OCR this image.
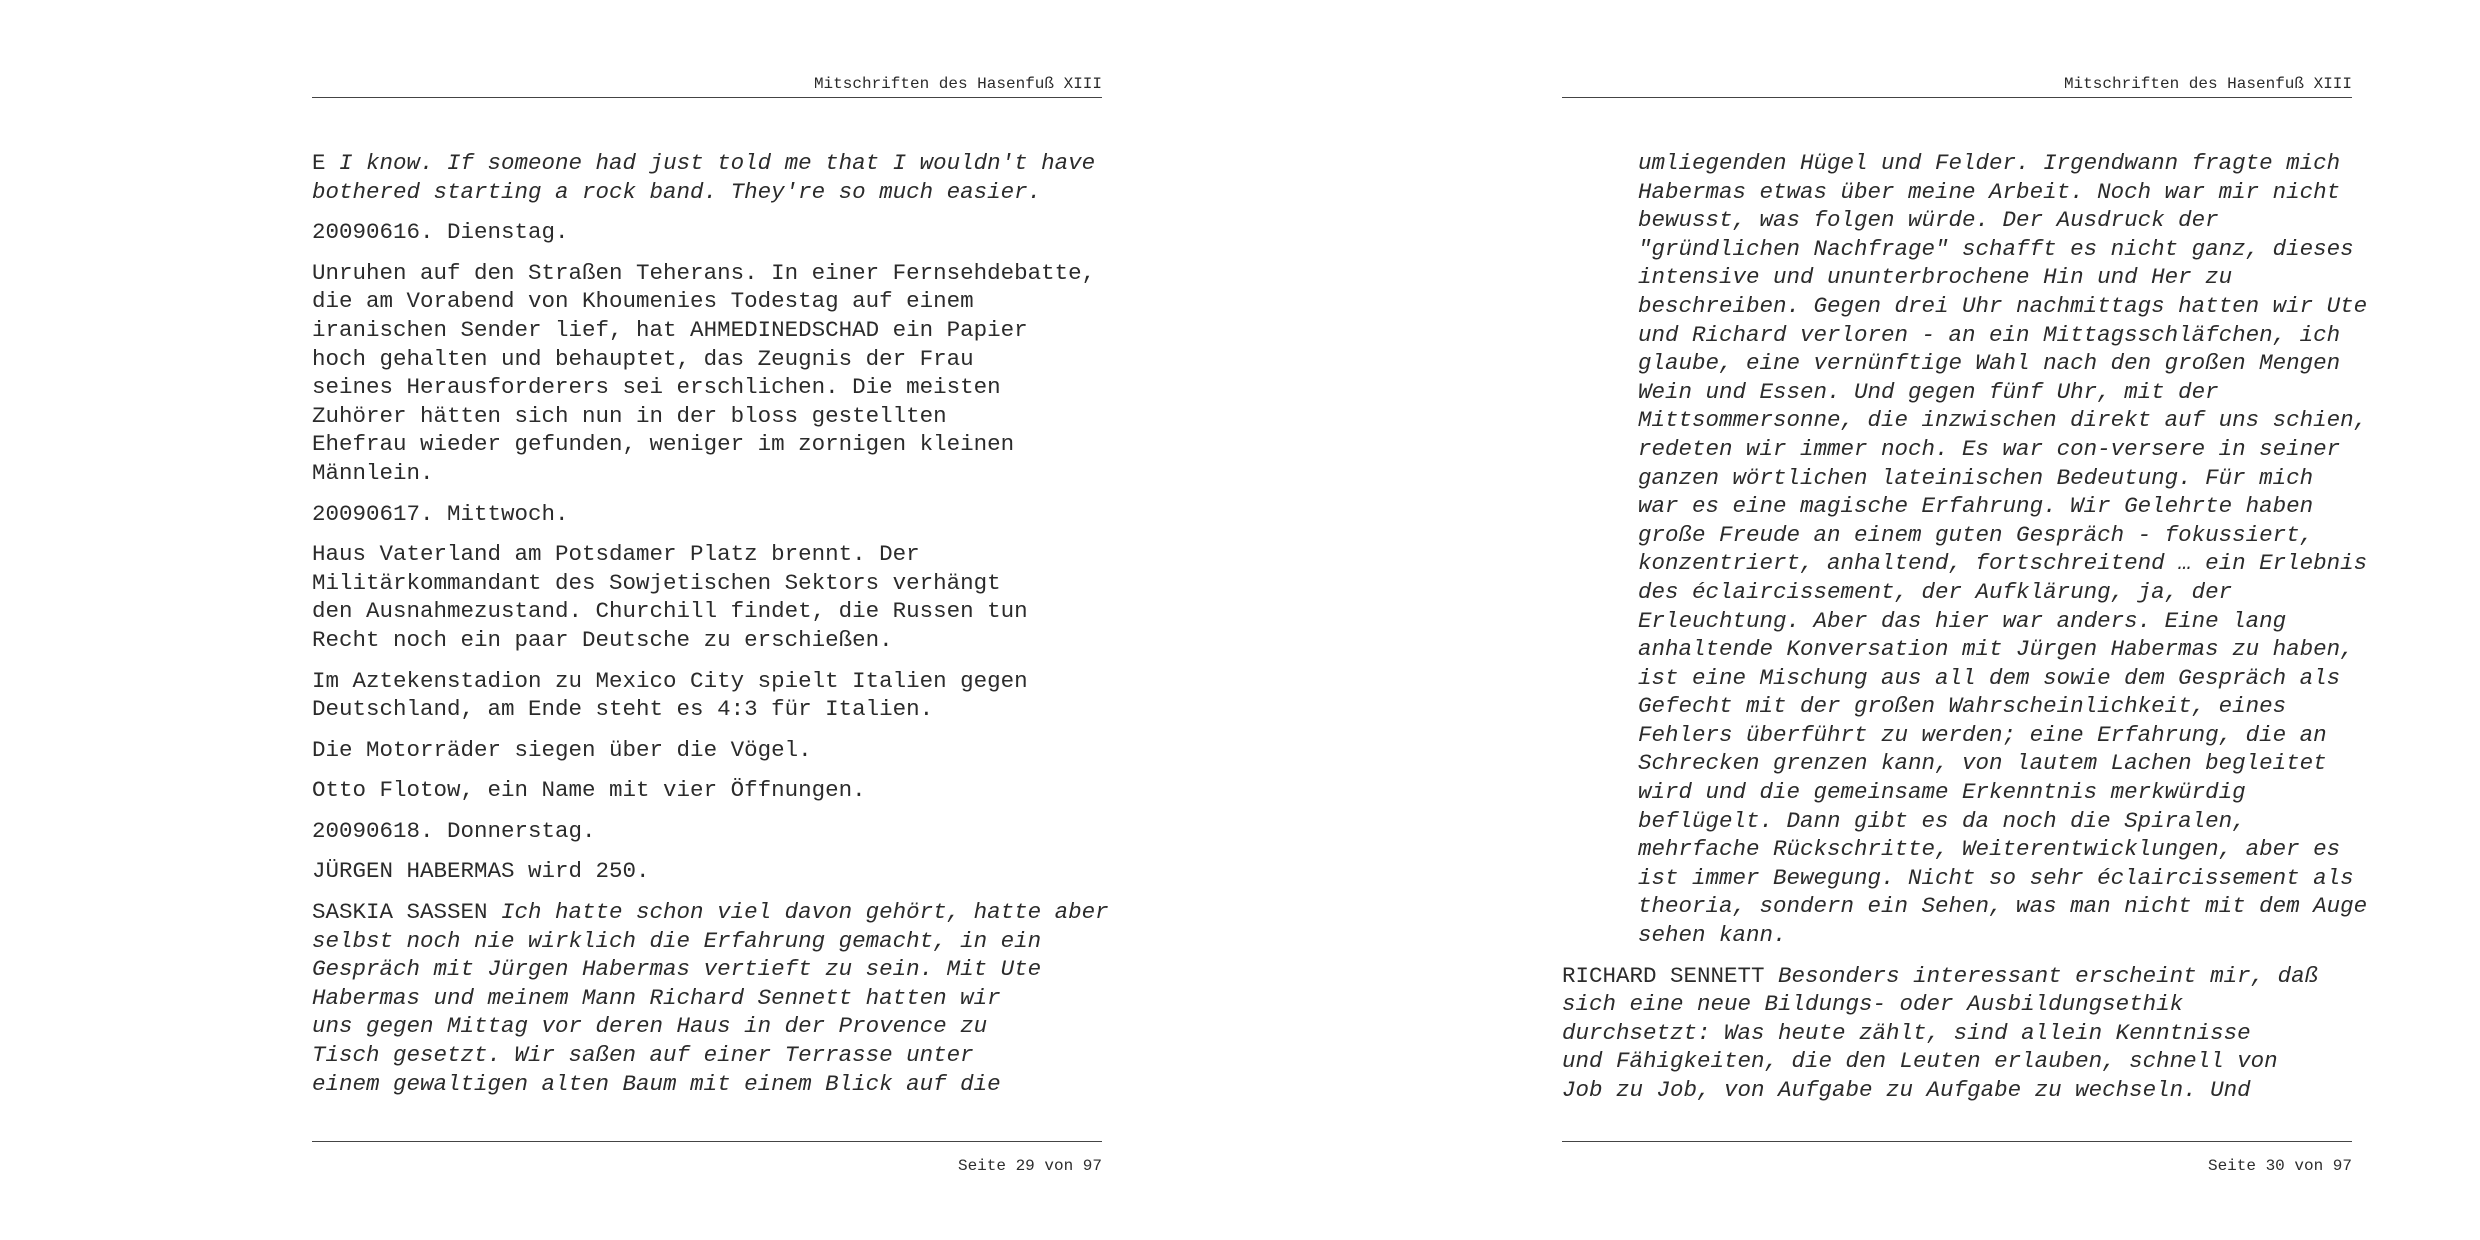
Mitschriften des Hasenfuß XIII
E I know. If someone had just told me that I wouldn't have
bothered starting a rock band. They're so much easier.
20090616. Dienstag.
Unruhen auf den Straßen Teherans. In einer Fernsehdebatte,
die am Vorabend von Khoumenies Todestag auf einem
iranischen Sender lief, hat AHMEDINEDSCHAD ein Papier
hoch gehalten und behauptet, das Zeugnis der Frau
seines Herausforderers sei erschlichen. Die meisten
Zuhörer hätten sich nun in der bloss gestellten
Ehefrau wieder gefunden, weniger im zornigen kleinen
Männlein.
20090617. Mittwoch.
Haus Vaterland am Potsdamer Platz brennt. Der
Militärkommandant des Sowjetischen Sektors verhängt
den Ausnahmezustand. Churchill findet, die Russen tun
Recht noch ein paar Deutsche zu erschießen.
Im Aztekenstadion zu Mexico City spielt Italien gegen
Deutschland, am Ende steht es 4:3 für Italien.
Die Motorräder siegen über die Vögel.
Otto Flotow, ein Name mit vier Öffnungen.
20090618. Donnerstag.
JÜRGEN HABERMAS wird 250.
SASKIA SASSEN Ich hatte schon viel davon gehört, hatte aber
selbst noch nie wirklich die Erfahrung gemacht, in ein
Gespräch mit Jürgen Habermas vertieft zu sein. Mit Ute
Habermas und meinem Mann Richard Sennett hatten wir
uns gegen Mittag vor deren Haus in der Provence zu
Tisch gesetzt. Wir saßen auf einer Terrasse unter
einem gewaltigen alten Baum mit einem Blick auf die
Seite 29 von 97
Mitschriften des Hasenfuß XIII
umliegenden Hügel und Felder. Irgendwann fragte mich
Habermas etwas über meine Arbeit. Noch war mir nicht
bewusst, was folgen würde. Der Ausdruck der
"gründlichen Nachfrage" schafft es nicht ganz, dieses
intensive und ununterbrochene Hin und Her zu
beschreiben. Gegen drei Uhr nachmittags hatten wir Ute
und Richard verloren - an ein Mittagsschläfchen, ich
glaube, eine vernünftige Wahl nach den großen Mengen
Wein und Essen. Und gegen fünf Uhr, mit der
Mittsommersonne, die inzwischen direkt auf uns schien,
redeten wir immer noch. Es war con-versere in seiner
ganzen wörtlichen lateinischen Bedeutung. Für mich
war es eine magische Erfahrung. Wir Gelehrte haben
große Freude an einem guten Gespräch - fokussiert,
konzentriert, anhaltend, fortschreitend … ein Erlebnis
des éclaircissement, der Aufklärung, ja, der
Erleuchtung. Aber das hier war anders. Eine lang
anhaltende Konversation mit Jürgen Habermas zu haben,
ist eine Mischung aus all dem sowie dem Gespräch als
Gefecht mit der großen Wahrscheinlichkeit, eines
Fehlers überführt zu werden; eine Erfahrung, die an
Schrecken grenzen kann, von lautem Lachen begleitet
wird und die gemeinsame Erkenntnis merkwürdig
beflügelt. Dann gibt es da noch die Spiralen,
mehrfache Rückschritte, Weiterentwicklungen, aber es
ist immer Bewegung. Nicht so sehr éclaircissement als
theoria, sondern ein Sehen, was man nicht mit dem Auge
sehen kann.
RICHARD SENNETT Besonders interessant erscheint mir, daß
sich eine neue Bildungs- oder Ausbildungsethik
durchsetzt: Was heute zählt, sind allein Kenntnisse
und Fähigkeiten, die den Leuten erlauben, schnell von
Job zu Job, von Aufgabe zu Aufgabe zu wechseln. Und
Seite 30 von 97
